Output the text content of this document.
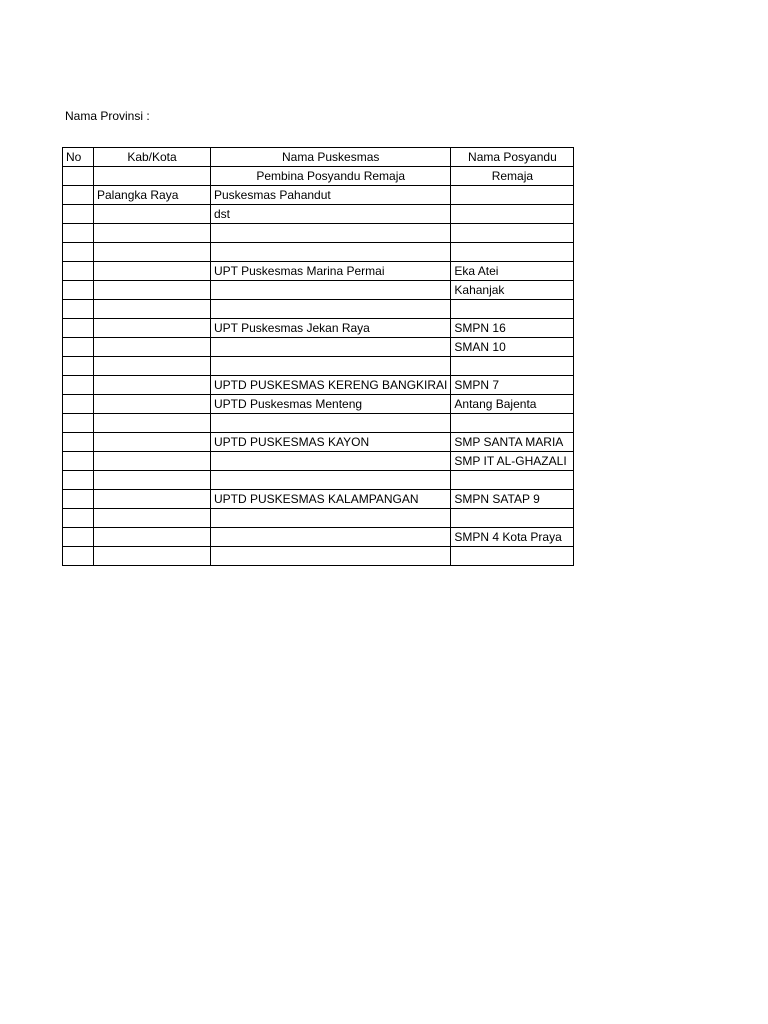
Nama Provinsi :
No	Kab/Kota	Nama Puskesmas	Nama Posyandu
		Pembina Posyandu Remaja	Remaja
	Palangka Raya	Puskesmas Pahandut	
		dst	

		UPT Puskesmas Marina Permai	Eka Atei
			Kahanjak

		UPT Puskesmas Jekan Raya	SMPN 16
			SMAN 10

		UPTD PUSKESMAS KERENG BANGKIRAI	SMPN 7
		UPTD Puskesmas Menteng	Antang Bajenta

		UPTD PUSKESMAS KAYON	SMP SANTA MARIA
			SMP IT AL-GHAZALI

		UPTD PUSKESMAS KALAMPANGAN	SMPN SATAP 9

			SMPN 4 Kota Praya
